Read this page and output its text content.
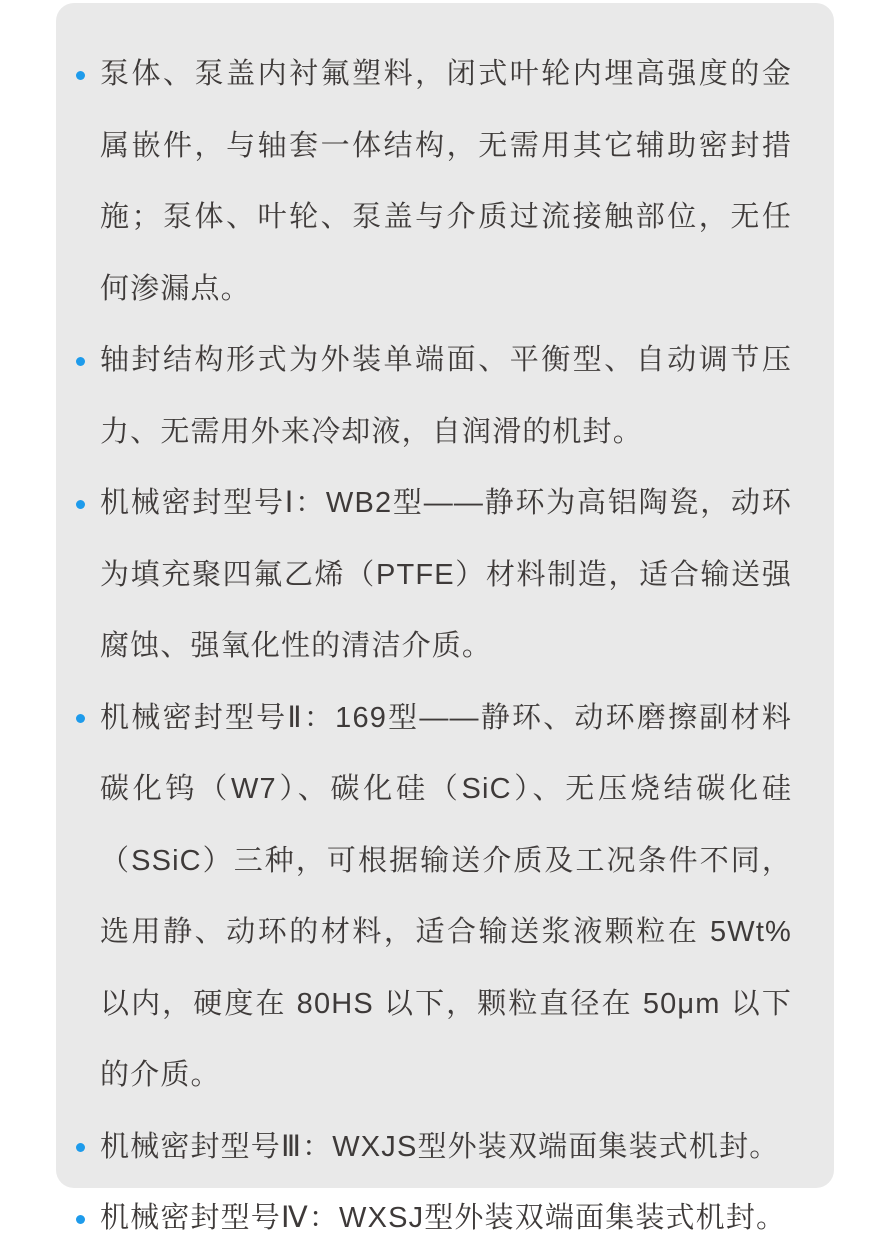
泵体、泵盖内衬氟塑料，闭式叶轮内埋高强度的金属嵌件，与轴套一体结构，无需用其它辅助密封措施；泵体、叶轮、泵盖与介质过流接触部位，无任何渗漏点。
轴封结构形式为外装单端面、平衡型、自动调节压力、无需用外来冷却液，自润滑的机封。
机械密封型号Ⅰ：WB2型——静环为高铝陶瓷，动环为填充聚四氟乙烯（PTFE）材料制造，适合输送强腐蚀、强氧化性的清洁介质。
机械密封型号Ⅱ：169型——静环、动环磨擦副材料碳化钨（W7）、碳化硅（SiC）、无压烧结碳化硅（SSiC）三种，可根据输送介质及工况条件不同，选用静、动环的材料，适合输送浆液颗粒在 5Wt%以内，硬度在 80HS 以下，颗粒直径在 50μm 以下的介质。
机械密封型号Ⅲ：WXJS型外装双端面集装式机封。
机械密封型号Ⅳ：WXSJ型外装双端面集装式机封。
